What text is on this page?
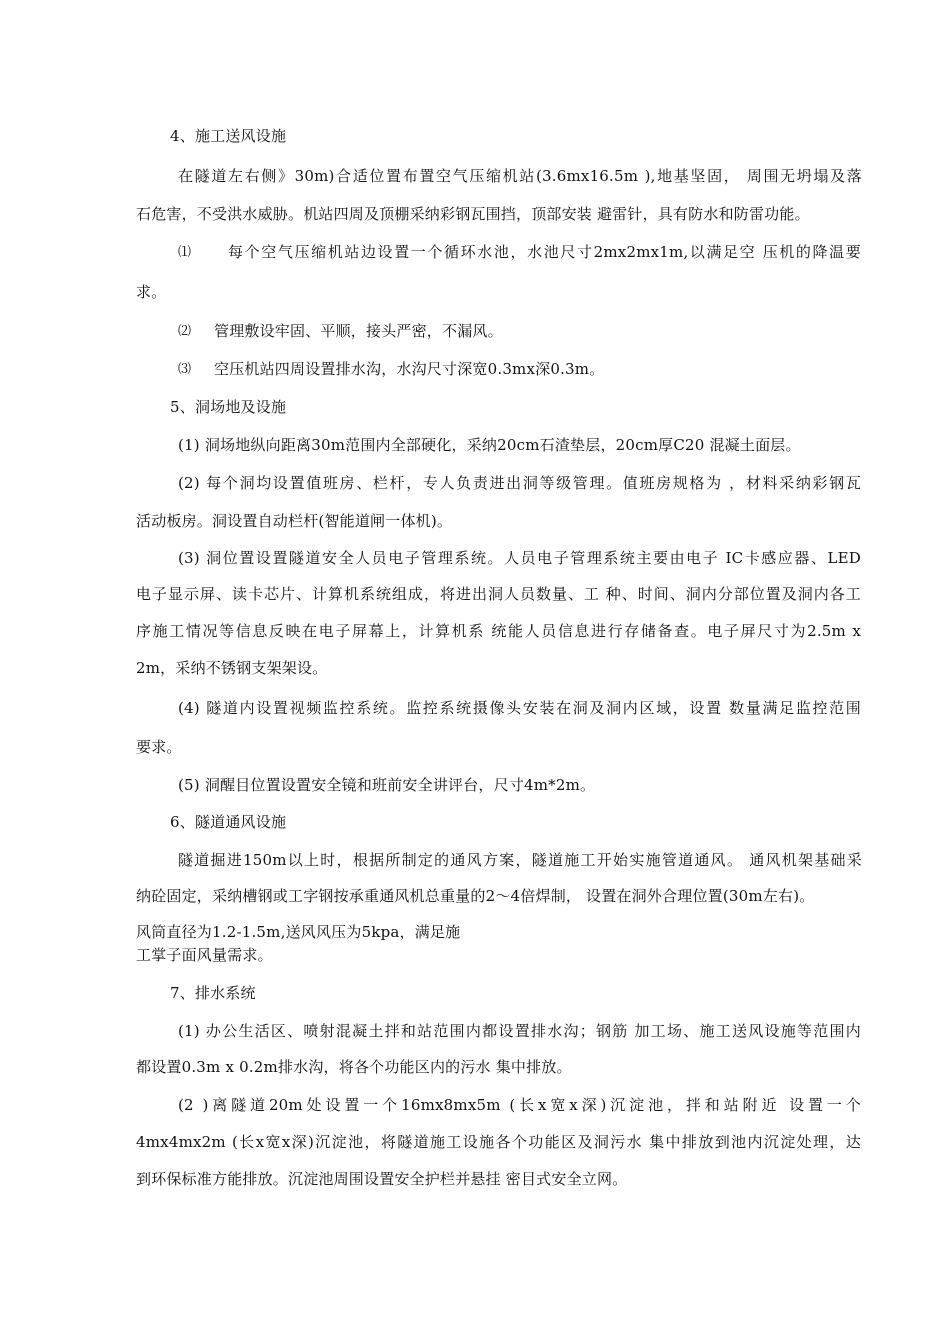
4、施工送风设施
在隧道左右侧》30m)合适位置布置空气压缩机站(3.6mx16.5m ),地基坚固， 周围无坍塌及落
石危害，不受洪水威胁。机站四周及顶棚采纳彩钢瓦围挡，顶部安装 避雷针，具有防水和防雷功能。
⑴ 每个空气压缩机站边设置一个循环水池，水池尺寸2mx2mx1m,以满足空 压机的降温要
求。
⑵ 管理敷设牢固、平顺，接头严密，不漏风。
⑶ 空压机站四周设置排水沟，水沟尺寸深宽0.3mx深0.3m。
5、洞场地及设施
(1) 洞场地纵向距离30m范围内全部硬化，采纳20cm石渣垫层，20cm厚C20 混凝土面层。
(2) 每个洞均设置值班房、栏杆，专人负责进出洞等级管理。值班房规格为 ，材料采纳彩钢瓦
活动板房。洞设置自动栏杆(智能道闸一体机)。
(3) 洞位置设置隧道安全人员电子管理系统。人员电子管理系统主要由电子 IC卡感应器、LED
电子显示屏、读卡芯片、计算机系统组成，将进出洞人员数量、工 种、时间、洞内分部位置及洞内各工
序施工情况等信息反映在电子屏幕上，计算机系 统能人员信息进行存储备查。电子屏尺寸为2.5m x
2m，采纳不锈钢支架架设。
(4) 隧道内设置视频监控系统。监控系统摄像头安装在洞及洞内区域，设置 数量满足监控范围
要求。
(5) 洞醒目位置设置安全镜和班前安全讲评台，尺寸4m*2m。
6、隧道通风设施
隧道掘进150m以上时，根据所制定的通风方案，隧道施工开始实施管道通风。 通风机架基础采
纳砼固定，采纳槽钢或工字钢按承重通风机总重量的2〜4倍焊制， 设置在洞外合理位置(30m左右)。
风筒直径为1.2-1.5m,送风风压为5kpa，满足施
工掌子面风量需求。
7、排水系统
(1) 办公生活区、喷射混凝土拌和站范围内都设置排水沟；钢筋 加工场、施工送风设施等范围内
都设置0.3m x 0.2m排水沟，将各个功能区内的污水 集中排放。
(2 )离隧道20m处设置一个16mx8mx5m (长x宽x深)沉淀池，拌和站附近 设置一个
4mx4mx2m (长x宽x深)沉淀池，将隧道施工设施各个功能区及洞污水 集中排放到池内沉淀处理，达
到环保标准方能排放。沉淀池周围设置安全护栏并悬挂 密目式安全立网。
